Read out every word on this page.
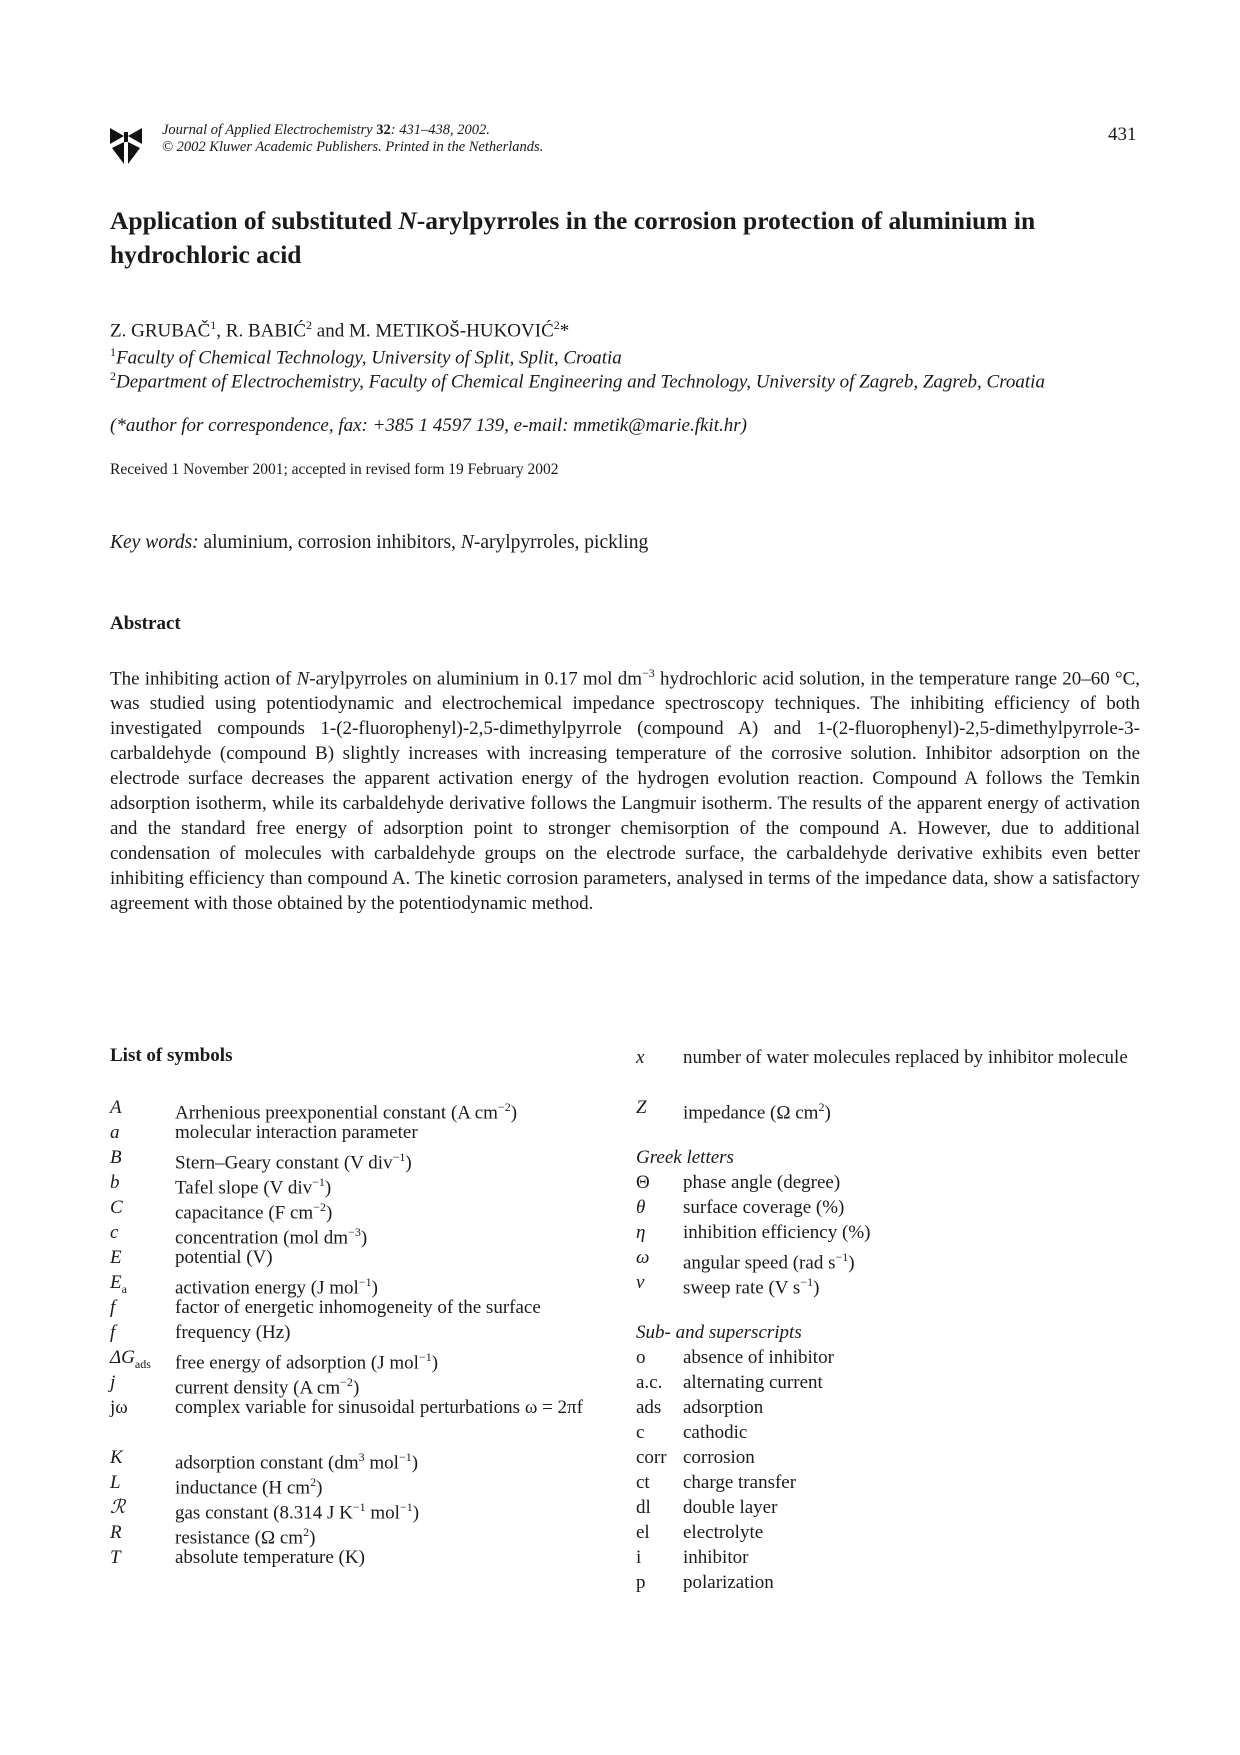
Journal of Applied Electrochemistry 32: 431–438, 2002.
© 2002 Kluwer Academic Publishers. Printed in the Netherlands.
431
Application of substituted N-arylpyrroles in the corrosion protection of aluminium in hydrochloric acid
Z. GRUBAČ$^1$, R. BABIĆ$^2$ and M. METIKOŠ-HUKOVIĆ$^2$*
$^1$Faculty of Chemical Technology, University of Split, Split, Croatia
$^2$Department of Electrochemistry, Faculty of Chemical Engineering and Technology, University of Zagreb, Zagreb, Croatia
(*author for correspondence, fax: +385 1 4597 139, e-mail: mmetik@marie.fkit.hr)
Received 1 November 2001; accepted in revised form 19 February 2002
Key words: aluminium, corrosion inhibitors, N-arylpyrroles, pickling
Abstract
The inhibiting action of N-arylpyrroles on aluminium in 0.17 mol $dm^{-3}$ hydrochloric acid solution, in the temperature range 20–60 °C, was studied using potentiodynamic and electrochemical impedance spectroscopy techniques. The inhibiting efficiency of both investigated compounds 1-(2-fluorophenyl)-2,5-dimethylpyrrole (compound A) and 1-(2-fluorophenyl)-2,5-dimethylpyrrole-3-carbaldehyde (compound B) slightly increases with increasing temperature of the corrosive solution. Inhibitor adsorption on the electrode surface decreases the apparent activation energy of the hydrogen evolution reaction. Compound A follows the Temkin adsorption isotherm, while its carbaldehyde derivative follows the Langmuir isotherm. The results of the apparent energy of activation and the standard free energy of adsorption point to stronger chemisorption of the compound A. However, due to additional condensation of molecules with carbaldehyde groups on the electrode surface, the carbaldehyde derivative exhibits even better inhibiting efficiency than compound A. The kinetic corrosion parameters, analysed in terms of the impedance data, show a satisfactory agreement with those obtained by the potentiodynamic method.
List of symbols
A	Arrhenious preexponential constant (A $cm^{-2}$)
a	molecular interaction parameter
B	Stern–Geary constant (V div$^{-1}$)
b	Tafel slope (V div$^{-1}$)
C	capacitance (F $cm^{-2}$)
c	concentration (mol $dm^{-3}$)
E	potential (V)
$E_a$	activation energy (J mol$^{-1}$)
f	factor of energetic inhomogeneity of the surface
f	frequency (Hz)
$\Delta G_{ads}$ free energy of adsorption (J mol$^{-1}$)
j	current density (A $cm^{-2}$)
jω complex variable for sinusoidal perturbations ω = 2πf
K	adsorption constant ($dm^3$ mol$^{-1}$)
L	inductance (H $cm^2$)
ℛ	gas constant (8.314 J $K^{-1}$ mol$^{-1}$)
R	resistance (Ω $cm^2$)
T	absolute temperature (K)
x number of water molecules replaced by inhibitor molecule
Z impedance (Ω $cm^2$)
Greek letters
Θ phase angle (degree)
θ surface coverage (%)
η inhibition efficiency (%)
ω angular speed (rad $s^{-1}$)
v sweep rate (V $s^{-1}$)
Sub- and superscripts
o absence of inhibitor
a.c. alternating current
ads adsorption
c cathodic
corr corrosion
ct charge transfer
dl double layer
el electrolyte
i inhibitor
p polarization
